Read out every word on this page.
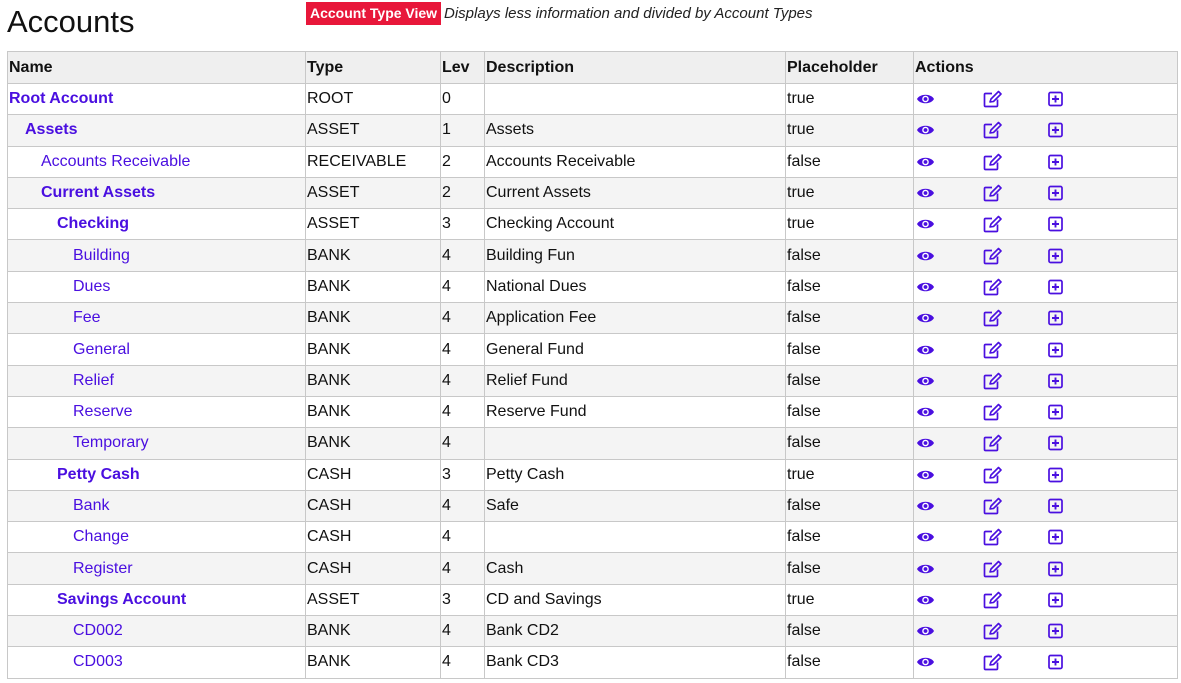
Accounts	Account Type View Displays less information and divided by Account Types
Name	Type	Lev	Description	Placeholder	Actions
Root Account	ROOT	0		true	

Assets	ASSET	1	Assets	true	

Accounts Receivable	RECEIVABLE	2	Accounts Receivable	false	

Current Assets	ASSET	2	Current Assets	true	

Checking	ASSET	3	Checking Account	true	

Building	BANK	4	Building Fun	false	

Dues	BANK	4	National Dues	false	

Fee	BANK	4	Application Fee	false	

General	BANK	4	General Fund	false	

Relief	BANK	4	Relief Fund	false	

Reserve	BANK	4	Reserve Fund	false	

Temporary	BANK	4		false	

Petty Cash	CASH	3	Petty Cash	true	

Bank	CASH	4	Safe	false	

Change	CASH	4		false	

Register	CASH	4	Cash	false	

Savings Account	ASSET	3	CD and Savings	true	

CD002	BANK	4	Bank CD2	false	

CD003	BANK	4	Bank CD3	false	
